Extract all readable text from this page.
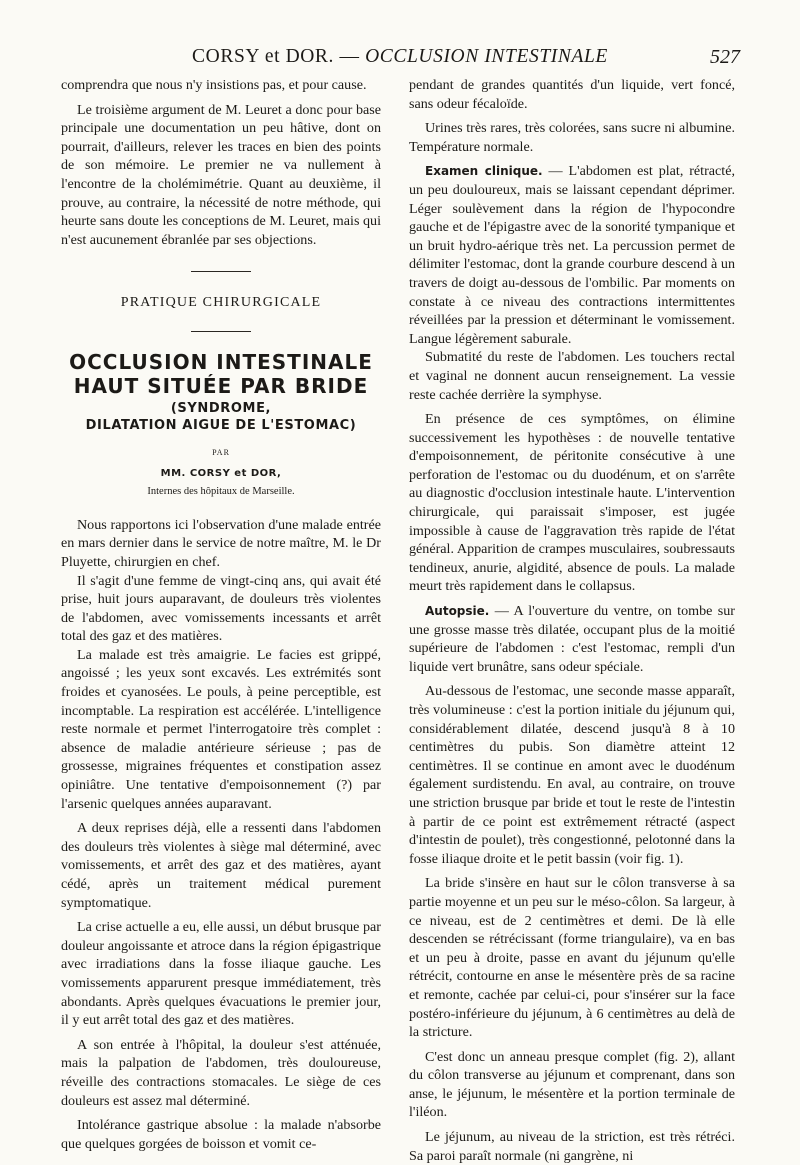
CORSY et DOR. — OCCLUSION INTESTINALE	527

comprendra que nous n'y insistions pas, et pour cause.

Le troisième argument de M. Leuret a donc pour base principale une documentation un peu hâtive, dont on pourrait, d'ailleurs, relever les traces en bien des points de son mémoire. Le premier ne va nullement à l'encontre de la cholémimétrie. Quant au deuxième, il prouve, au contraire, la nécessité de notre méthode, qui heurte sans doute les conceptions de M. Leuret, mais qui n'est aucunement ébranlée par ses objections.

PRATIQUE CHIRURGICALE
OCCLUSION INTESTINALE
HAUT SITUÉE PAR BRIDE
(SYNDROME,
DILATATION AIGUE DE L'ESTOMAC)
PAR
MM. CORSY et DOR,
Internes des hôpitaux de Marseille.

Nous rapportons ici l'observation d'une malade entrée en mars dernier dans le service de notre maître, M. le Dr Pluyette, chirurgien en chef.

Il s'agit d'une femme de vingt-cinq ans, qui avait été prise, huit jours auparavant, de douleurs très violentes de l'abdomen, avec vomissements incessants et arrêt total des gaz et des matières.

La malade est très amaigrie. Le facies est grippé, angoissé ; les yeux sont excavés. Les extrémités sont froides et cyanosées. Le pouls, à peine perceptible, est incomptable. La respiration est accélérée. L'intelligence reste normale et permet l'interrogatoire très complet : absence de maladie antérieure sérieuse ; pas de grossesse, migraines fréquentes et constipation assez opiniâtre. Une tentative d'empoisonnement (?) par l'arsenic quelques années auparavant.

A deux reprises déjà, elle a ressenti dans l'abdomen des douleurs très violentes à siège mal déterminé, avec vomissements, et arrêt des gaz et des matières, ayant cédé, après un traitement médical purement symptomatique.

La crise actuelle a eu, elle aussi, un début brusque par douleur angoissante et atroce dans la région épigastrique avec irradiations dans la fosse iliaque gauche. Les vomissements apparurent presque immédiatement, très abondants. Après quelques évacuations le premier jour, il y eut arrêt total des gaz et des matières.

A son entrée à l'hôpital, la douleur s'est atténuée, mais la palpation de l'abdomen, très douloureuse, réveille des contractions stomacales. Le siège de ces douleurs est assez mal déterminé.

Intolérance gastrique absolue : la malade n'absorbe que quelques gorgées de boisson et vomit ce-

pendant de grandes quantités d'un liquide, vert foncé, sans odeur fécaloïde.

Urines très rares, très colorées, sans sucre ni albumine. Température normale.

Examen clinique. — L'abdomen est plat, rétracté, un peu douloureux, mais se laissant cependant déprimer. Léger soulèvement dans la région de l'hypocondre gauche et de l'épigastre avec de la sonorité tympanique et un bruit hydro-aérique très net. La percussion permet de délimiter l'estomac, dont la grande courbure descend à un travers de doigt au-dessous de l'ombilic. Par moments on constate à ce niveau des contractions intermittentes réveillées par la pression et déterminant le vomissement. Langue légèrement saburale.

Submatité du reste de l'abdomen. Les touchers rectal et vaginal ne donnent aucun renseignement. La vessie reste cachée derrière la symphyse.

En présence de ces symptômes, on élimine successivement les hypothèses : de nouvelle tentative d'empoisonnement, de péritonite consécutive à une perforation de l'estomac ou du duodénum, et on s'arrête au diagnostic d'occlusion intestinale haute. L'intervention chirurgicale, qui paraissait s'imposer, est jugée impossible à cause de l'aggravation très rapide de l'état général. Apparition de crampes musculaires, soubressauts tendineux, anurie, algidité, absence de pouls. La malade meurt très rapidement dans le collapsus.

Autopsie. — A l'ouverture du ventre, on tombe sur une grosse masse très dilatée, occupant plus de la moitié supérieure de l'abdomen : c'est l'estomac, rempli d'un liquide vert brunâtre, sans odeur spéciale.

Au-dessous de l'estomac, une seconde masse apparaît, très volumineuse : c'est la portion initiale du jéjunum qui, considérablement dilatée, descend jusqu'à 8 à 10 centimètres du pubis. Son diamètre atteint 12 centimètres. Il se continue en amont avec le duodénum également surdistendu. En aval, au contraire, on trouve une striction brusque par bride et tout le reste de l'intestin à partir de ce point est extrêmement rétracté (aspect d'intestin de poulet), très congestionné, pelotonné dans la fosse iliaque droite et le petit bassin (voir fig. 1).

La bride s'insère en haut sur le côlon transverse à sa partie moyenne et un peu sur le méso-côlon. Sa largeur, à ce niveau, est de 2 centimètres et demi. De là elle descenden se rétrécissant (forme triangulaire), va en bas et un peu à droite, passe en avant du jéjunum qu'elle rétrécit, contourne en anse le mésentère près de sa racine et remonte, cachée par celui-ci, pour s'insérer sur la face postéro-inférieure du jéjunum, à 6 centimètres au delà de la stricture.

C'est donc un anneau presque complet (fig. 2), allant du côlon transverse au jéjunum et comprenant, dans son anse, le jéjunum, le mésentère et la portion terminale de l'iléon.

Le jéjunum, au niveau de la striction, est très rétréci. Sa paroi paraît normale (ni gangrène, ni
